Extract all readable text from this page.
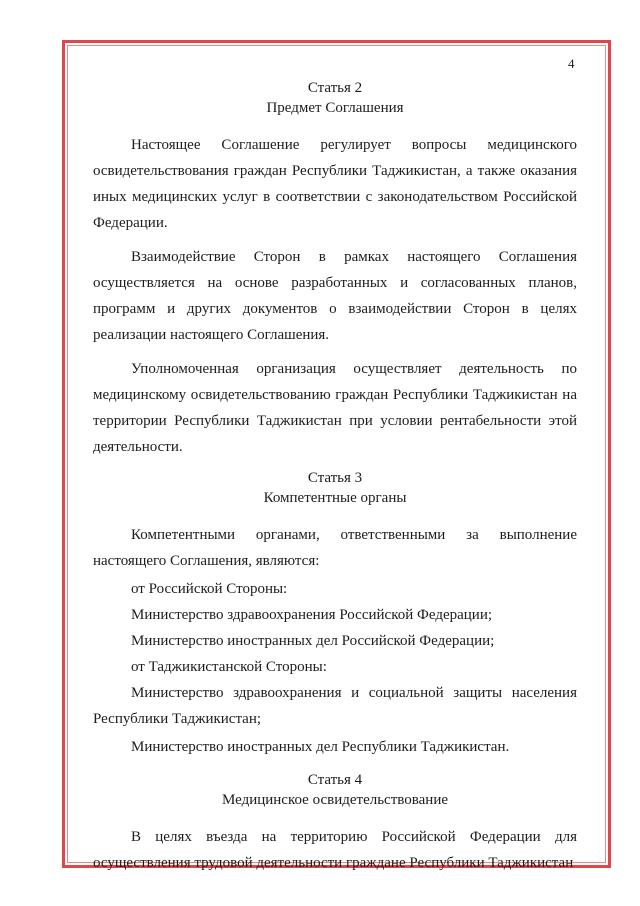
4
Статья 2
Предмет Соглашения

Настоящее Соглашение регулирует вопросы медицинского освидетельствования граждан Республики Таджикистан, а также оказания иных медицинских услуг в соответствии с законодательством Российской Федерации.

Взаимодействие Сторон в рамках настоящего Соглашения осуществляется на основе разработанных и согласованных планов, программ и других документов о взаимодействии Сторон в целях реализации настоящего Соглашения.

Уполномоченная организация осуществляет деятельность по медицинскому освидетельствованию граждан Республики Таджикистан на территории Республики Таджикистан при условии рентабельности этой деятельности.

Статья 3
Компетентные органы

Компетентными органами, ответственными за выполнение настоящего Соглашения, являются:

от Российской Стороны:
Министерство здравоохранения Российской Федерации;
Министерство иностранных дел Российской Федерации;
от Таджикистанской Стороны:

Министерство здравоохранения и социальной защиты населения Республики Таджикистан;

Министерство иностранных дел Республики Таджикистан.
Статья 4
Медицинское освидетельствование

В целях въезда на территорию Российской Федерации для осуществления трудовой деятельности граждане Республики Таджикистан
